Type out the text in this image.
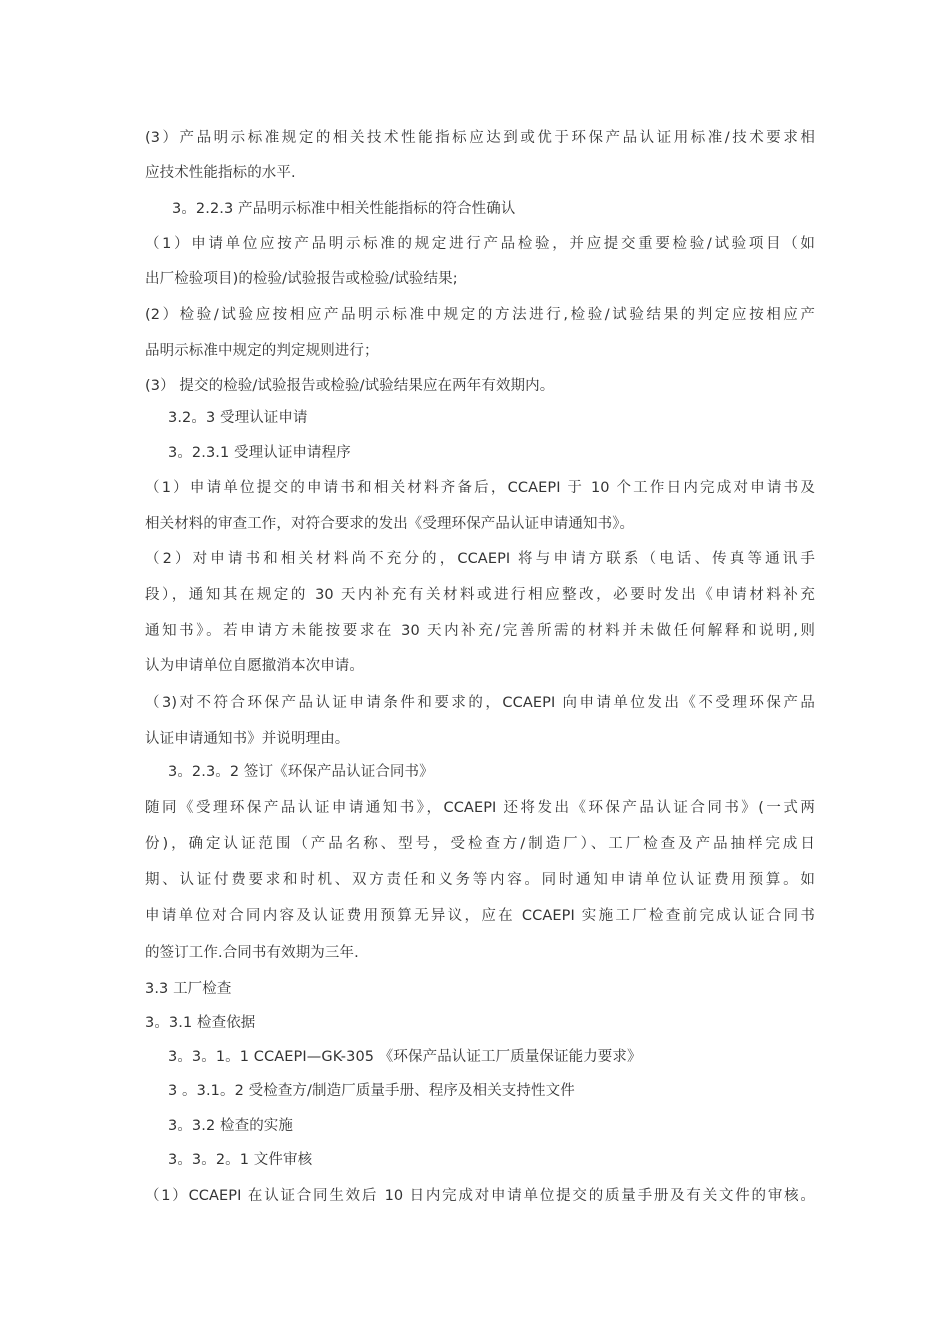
(3）产品明示标准规定的相关技术性能指标应达到或优于环保产品认证用标准/技术要求相
应技术性能指标的水平.
3。2.2.3 产品明示标准中相关性能指标的符合性确认
（1）申请单位应按产品明示标准的规定进行产品检验，并应提交重要检验/试验项目（如
出厂检验项目)的检验/试验报告或检验/试验结果;
(2）检验/试验应按相应产品明示标准中规定的方法进行,检验/试验结果的判定应按相应产
品明示标准中规定的判定规则进行；
(3） 提交的检验/试验报告或检验/试验结果应在两年有效期内。
3.2。3 受理认证申请
3。2.3.1 受理认证申请程序
（1）申请单位提交的申请书和相关材料齐备后，CCAEPI 于 10 个工作日内完成对申请书及
相关材料的审查工作，对符合要求的发出《受理环保产品认证申请通知书》。
（2）对申请书和相关材料尚不充分的，CCAEPI 将与申请方联系（电话、传真等通讯手
段），通知其在规定的 30 天内补充有关材料或进行相应整改，必要时发出《申请材料补充
通知书》。若申请方未能按要求在 30 天内补充/完善所需的材料并未做任何解释和说明,则
认为申请单位自愿撤消本次申请。
（3)对不符合环保产品认证申请条件和要求的，CCAEPI 向申请单位发出《不受理环保产品
认证申请通知书》并说明理由。
3。2.3。2 签订《环保产品认证合同书》
随同《受理环保产品认证申请通知书》，CCAEPI 还将发出《环保产品认证合同书》(一式两
份)，确定认证范围（产品名称、型号，受检查方/制造厂）、工厂检查及产品抽样完成日
期、认证付费要求和时机、双方责任和义务等内容。同时通知申请单位认证费用预算。如
申请单位对合同内容及认证费用预算无异议，应在 CCAEPI 实施工厂检查前完成认证合同书
的签订工作.合同书有效期为三年.
3.3 工厂检查
3。3.1 检查依据
3。3。1。1 CCAEPI—GK-305 《环保产品认证工厂质量保证能力要求》
3 。3.1。2 受检查方/制造厂质量手册、程序及相关支持性文件
3。3.2 检查的实施
3。3。2。1 文件审核
（1）CCAEPI 在认证合同生效后 10 日内完成对申请单位提交的质量手册及有关文件的审核。
